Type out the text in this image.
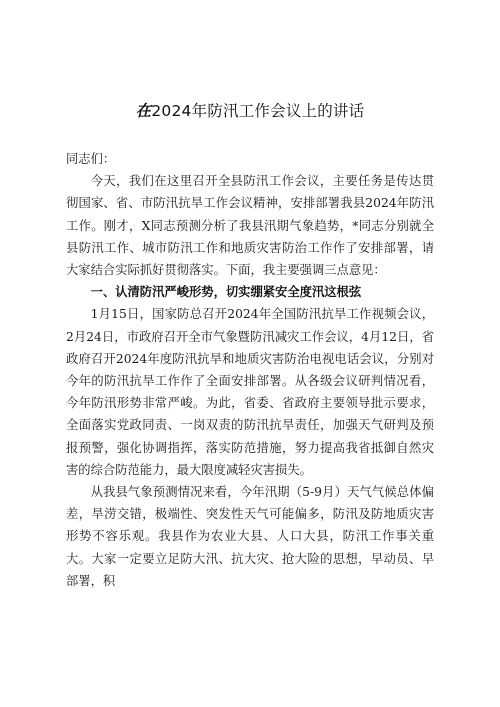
在2024年防汛工作会议上的讲话

同志们：

今天，我们在这里召开全县防汛工作会议，主要任务是传达贯彻国家、省、市防汛抗旱工作会议精神，安排部署我县2024年防汛工作。刚才，X同志预测分析了我县汛期气象趋势，*同志分别就全县防汛工作、城市防汛工作和地质灾害防治工作作了安排部署，请大家结合实际抓好贯彻落实。下面，我主要强调三点意见：

一、认清防汛严峻形势，切实绷紧安全度汛这根弦

1月15日，国家防总召开2024年全国防汛抗旱工作视频会议，2月24日，市政府召开全市气象暨防汛减灾工作会议，4月12日，省政府召开2024年度防汛抗旱和地质灾害防治电视电话会议，分别对今年的防汛抗旱工作作了全面安排部署。从各级会议研判情况看，今年防汛形势非常严峻。为此，省委、省政府主要领导批示要求，全面落实党政同责、一岗双责的防汛抗旱责任，加强天气研判及预报预警，强化协调指挥，落实防范措施，努力提高我省抵御自然灾害的综合防范能力，最大限度减轻灾害损失。

从我县气象预测情况来看，今年汛期（5-9月）天气气候总体偏差，旱涝交错，极端性、突发性天气可能偏多，防汛及防地质灾害形势不容乐观。我县作为农业大县、人口大县，防汛工作事关重大。大家一定要立足防大汛、抗大灾、抢大险的思想，早动员、早部署，积
